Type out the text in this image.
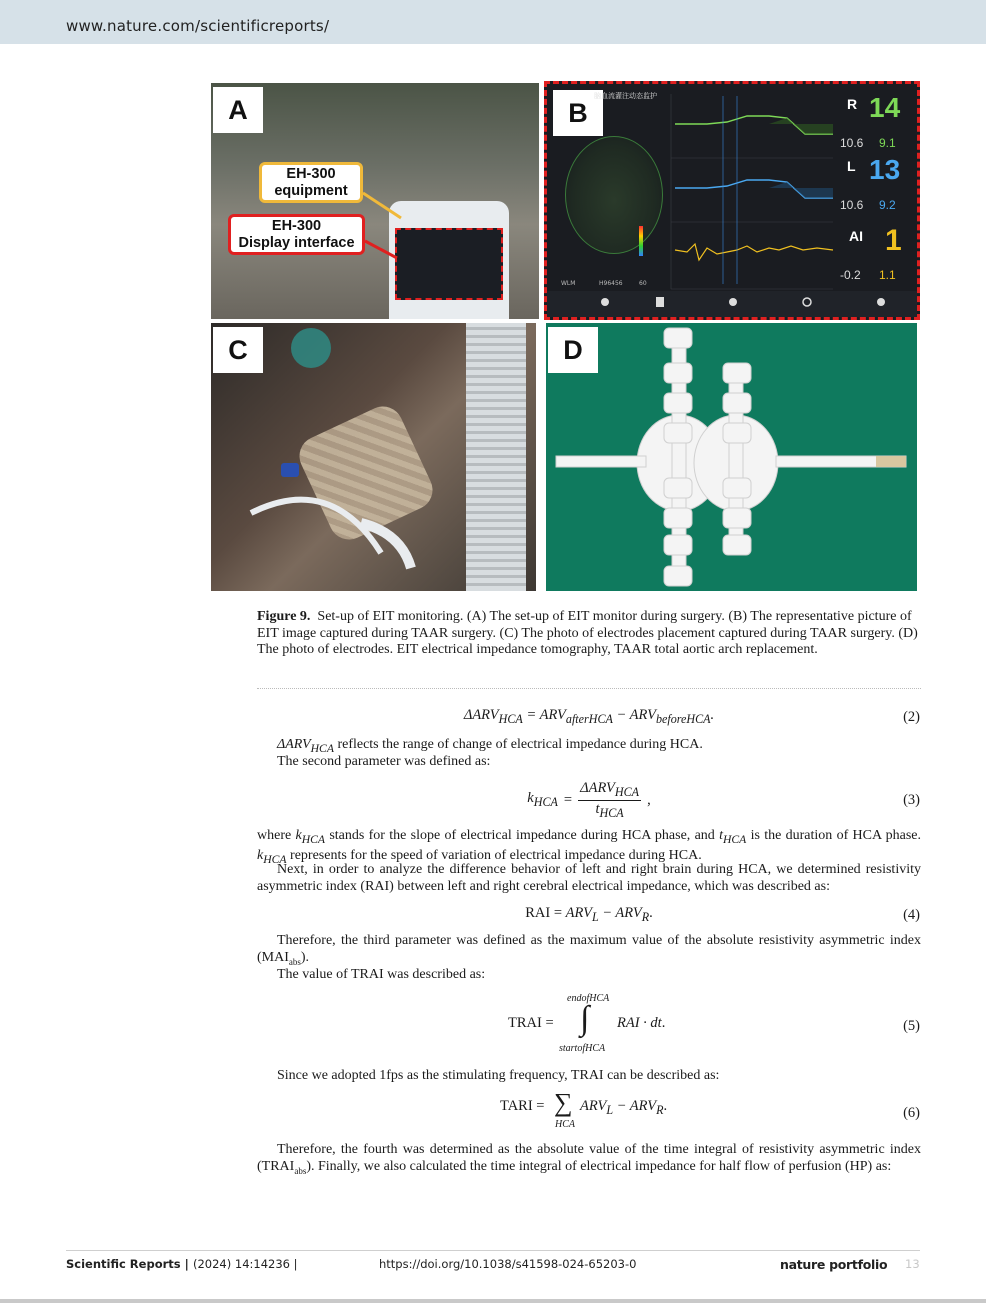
www.nature.com/scientificreports/
A
EH-300
equipment
EH-300
Display interface
B
脑血流灌注动态监护
WLM	H96456	60
R 14
10.6 9.1
L 13
10.6 9.2
AI 1
-0.2 1.1
C	D
Figure 9. Set-up of EIT monitoring. (A) The set-up of EIT monitor during surgery. (B) The representative picture of EIT image captured during TAAR surgery. (C) The photo of electrodes placement captured during TAAR surgery. (D) The photo of electrodes. EIT electrical impedance tomography, TAAR total aortic arch replacement.
$\Delta ARV_{HCA} = ARV_{afterHCA} - ARV_{beforeHCA}$.	(2)
$\Delta ARV_{HCA}$ reflects the range of change of electrical impedance during HCA.
The second parameter was defined as:
$k_{HCA}$ =
$\Delta ARV_{HCA}$
$t_{HCA}$
,	(3)
where $k_{HCA}$ stands for the slope of electrical impedance during HCA phase, and $t_{HCA}$ is the duration of HCA phase. $k_{HCA}$ represents for the speed of variation of electrical impedance during HCA.
Next, in order to analyze the difference behavior of left and right brain during HCA, we determined resistivity asymmetric index (RAI) between left and right cerebral electrical impedance, which was described as:
RAI = $ARV_L - ARV_R$.	(4)
Therefore, the third parameter was defined as the maximum value of the absolute resistivity asymmetric index $(MAI_{abs})$.
The value of TRAI was described as:
TRAI =
endofHCA
∫
startofHCA
RAI · dt.	(5)
Since we adopted 1fps as the stimulating frequency, TRAI can be described as:
TARI = ∑
HCA
$ARV_L - ARV_R$.	(6)
Therefore, the fourth was determined as the absolute value of the time integral of resistivity asymmetric index $(TRAI_{abs})$. Finally, we also calculated the time integral of electrical impedance for half flow of perfusion (HP) as:
Scientific Reports | (2024) 14:14236 |	https://doi.org/10.1038/s41598-024-65203-0	nature portfolio 13
